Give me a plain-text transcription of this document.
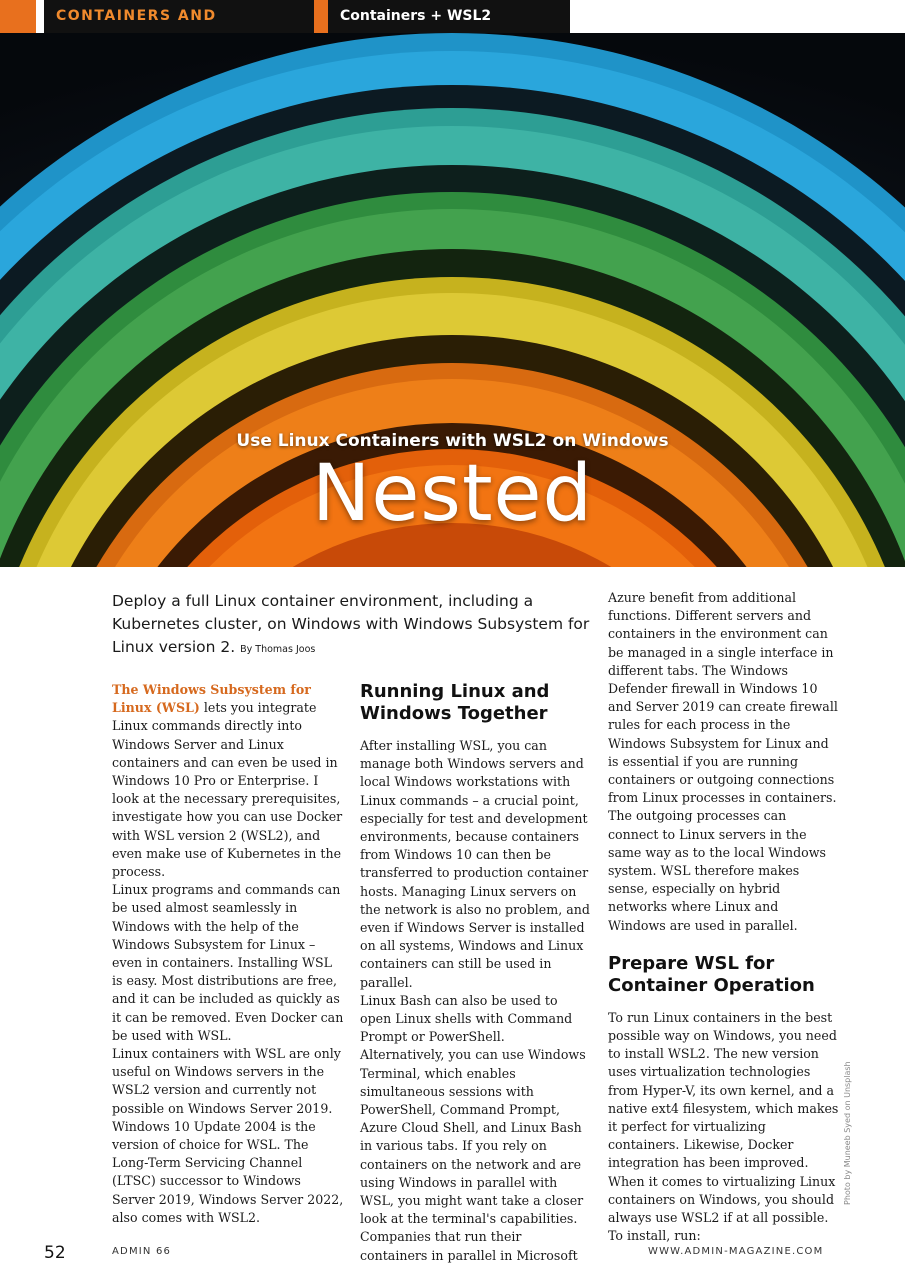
CONTAINERS AND	Containers + WSL2
Use Linux Containers with WSL2 on Windows
Nested
Deploy a full Linux container environment, including a Kubernetes cluster, on Windows with Windows Subsystem for Linux version 2. By Thomas Joos

The Windows Subsystem for Linux (WSL) lets you integrate Linux commands directly into Windows Server and Linux containers and can even be used in Windows 10 Pro or Enterprise. I look at the necessary prerequisites, investigate how you can use Docker with WSL version 2 (WSL2), and even make use of Kubernetes in the process.

Linux programs and commands can be used almost seamlessly in Windows with the help of the Windows Subsystem for Linux – even in containers. Installing WSL is easy. Most distributions are free, and it can be included as quickly as it can be removed. Even Docker can be used with WSL.

Linux containers with WSL are only useful on Windows servers in the WSL2 version and currently not possible on Windows Server 2019. Windows 10 Update 2004 is the version of choice for WSL. The Long-Term Servicing Channel (LTSC) successor to Windows Server 2019, Windows Server 2022, also comes with WSL2.

Running Linux and Windows Together

After installing WSL, you can manage both Windows servers and local Windows workstations with Linux commands – a crucial point, especially for test and development environments, because containers from Windows 10 can then be transferred to production container hosts. Managing Linux servers on the network is also no problem, and even if Windows Server is installed on all systems, Windows and Linux containers can still be used in parallel.

Linux Bash can also be used to open Linux shells with Command Prompt or PowerShell. Alternatively, you can use Windows Terminal, which enables simultaneous sessions with PowerShell, Command Prompt, Azure Cloud Shell, and Linux Bash in various tabs. If you rely on containers on the network and are using Windows in parallel with WSL, you might want take a closer look at the terminal's capabilities. Companies that run their containers in parallel in Microsoft

Azure benefit from additional functions. Different servers and containers in the environment can be managed in a single interface in different tabs. The Windows Defender firewall in Windows 10 and Server 2019 can create firewall rules for each process in the Windows Subsystem for Linux and is essential if you are running containers or outgoing connections from Linux processes in containers. The outgoing processes can connect to Linux servers in the same way as to the local Windows system. WSL therefore makes sense, especially on hybrid networks where Linux and Windows are used in parallel.

Prepare WSL for Container Operation

To run Linux containers in the best possible way on Windows, you need to install WSL2. The new version uses virtualization technologies from Hyper-V, its own kernel, and a native ext4 filesystem, which makes it perfect for virtualizing containers. Likewise, Docker integration has been improved. When it comes to virtualizing Linux containers on Windows, you should always use WSL2 if at all possible. To install, run:

Photo by Muneeb Syed on Unsplash
52	ADMIN 66	WWW.ADMIN-MAGAZINE.COM
